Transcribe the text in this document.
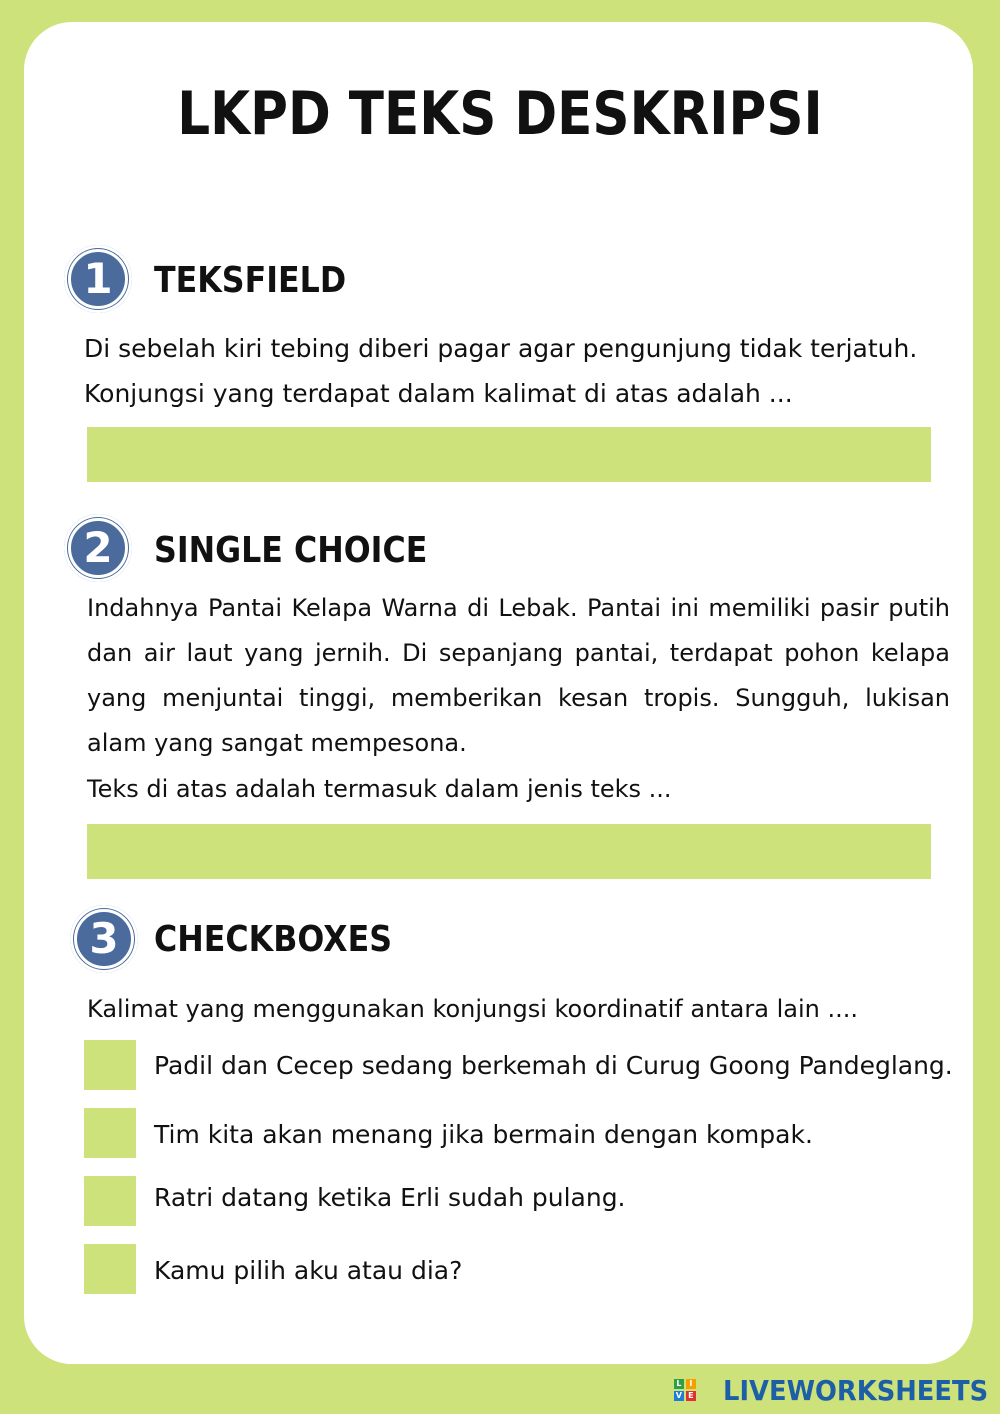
LKPD TEKS DESKRIPSI
1	TEKSFIELD
Di sebelah kiri tebing diberi pagar agar pengunjung tidak terjatuh.
Konjungsi yang terdapat dalam kalimat di atas adalah ...
2	SINGLE CHOICE
Indahnya Pantai Kelapa Warna di Lebak. Pantai ini memiliki pasir putih dan air laut yang jernih. Di sepanjang pantai, terdapat pohon kelapa yang menjuntai tinggi, memberikan kesan tropis. Sungguh, lukisan alam yang sangat mempesona.
Teks di atas adalah termasuk dalam jenis teks ...
3 CHECKBOXES
Kalimat yang menggunakan konjungsi koordinatif antara lain ....
Padil dan Cecep sedang berkemah di Curug Goong Pandeglang.
Tim kita akan menang jika bermain dengan kompak.
Ratri datang ketika Erli sudah pulang.
Kamu pilih aku atau dia?
L I
V E LIVEWORKSHEETS
